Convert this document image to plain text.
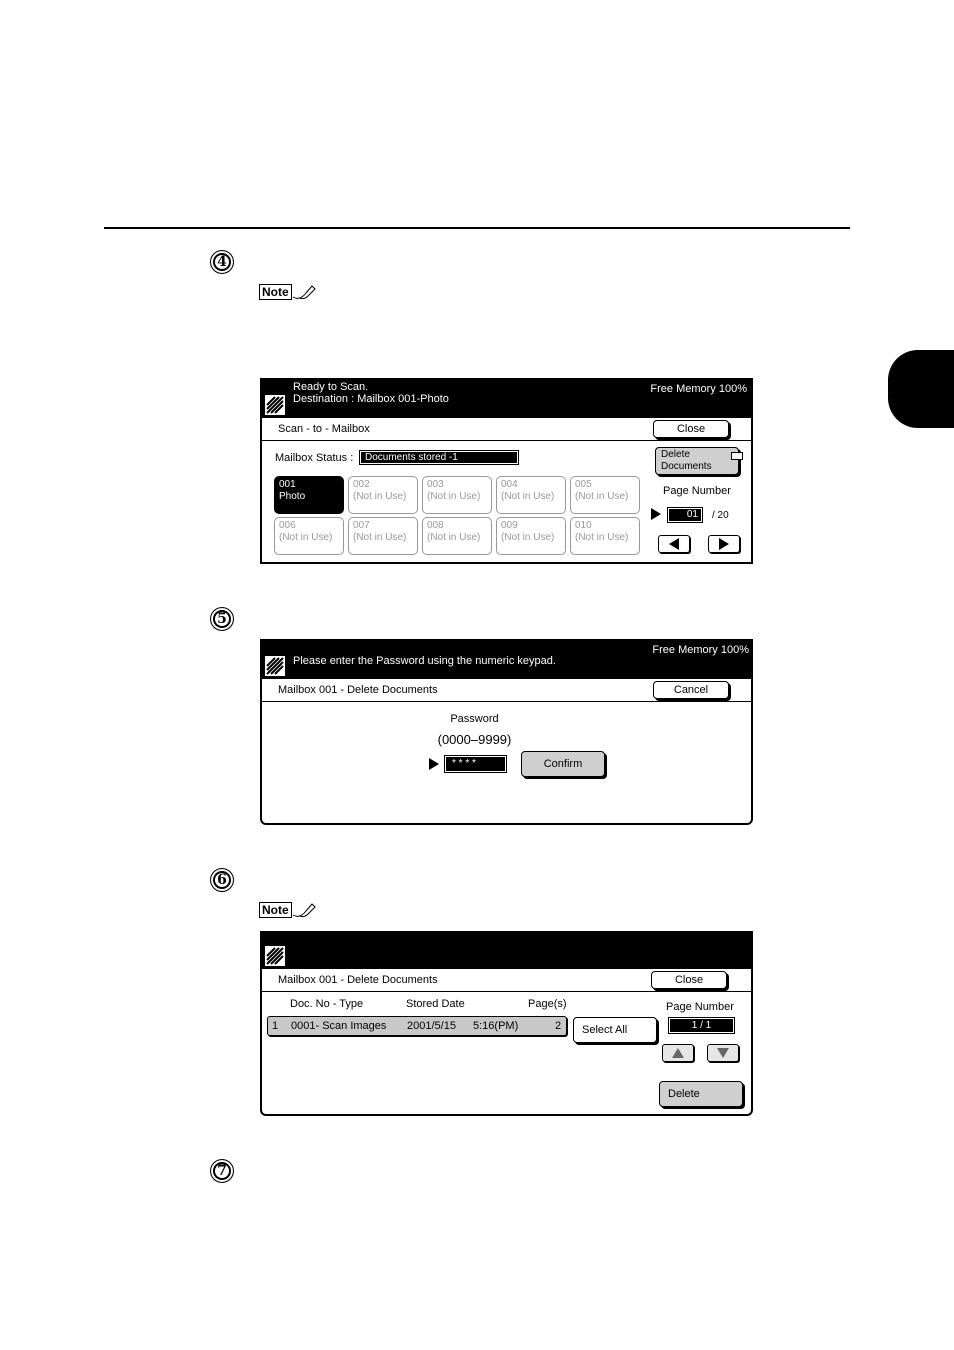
4
5
6
7
Note
Note
Ready to Scan.
Destination : Mailbox 001-Photo
Free Memory 100%
Scan - to - Mailbox	Close
Mailbox Status :	Documents stored -1	Delete
Documents
Page Number
01	/ 20
001
Photo
002
(Not in Use)
003
(Not in Use)
004
(Not in Use)
005
(Not in Use)
006
(Not in Use)
007
(Not in Use)
008
(Not in Use)
009
(Not in Use)
010
(Not in Use)
Please enter the Password using the numeric keypad.
Free Memory 100%
Mailbox 001 - Delete Documents	Cancel
Password
(0000–9999)
* * * *	Confirm
Mailbox 001 - Delete Documents	Close
Doc. No - Type	Stored Date	Page(s)
1 0001- Scan Images 2001/5/15 5:16(PM)	2	Select All
Page Number
1 / 1
Delete
